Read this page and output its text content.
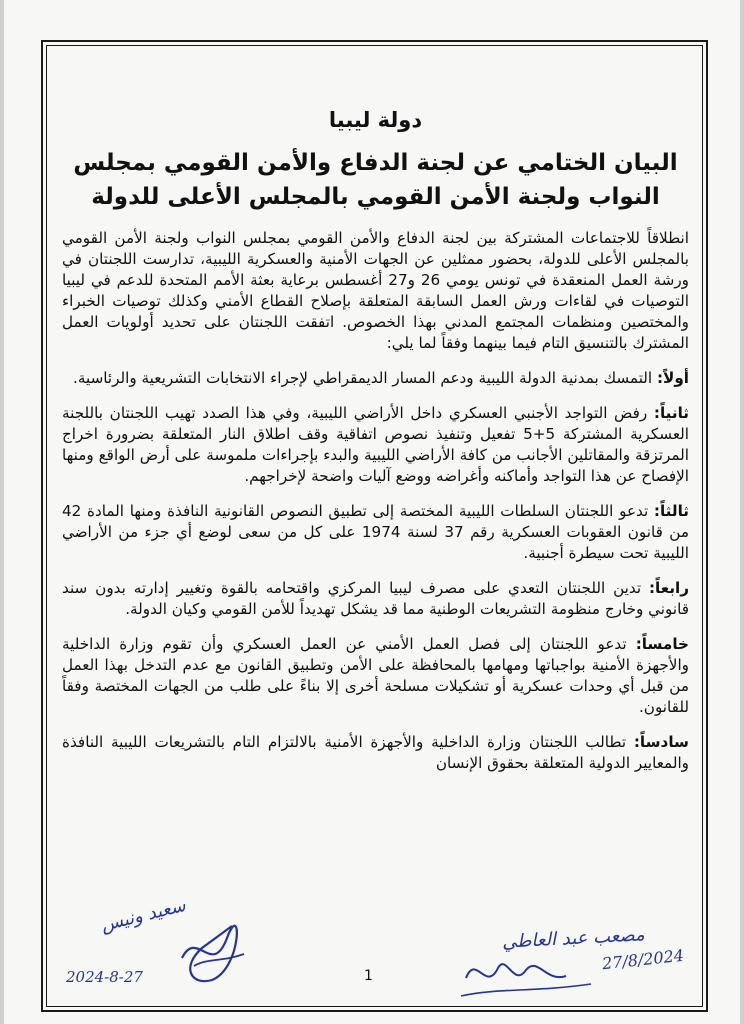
دولة ليبيا
البيان الختامي عن لجنة الدفاع والأمن القومي بمجلس
النواب ولجنة الأمن القومي بالمجلس الأعلى للدولة

انطلاقاً للاجتماعات المشتركة بين لجنة الدفاع والأمن القومي بمجلس النواب ولجنة الأمن القومي بالمجلس الأعلى للدولة، بحضور ممثلين عن الجهات الأمنية والعسكرية الليبية، تدارست اللجنتان في ورشة العمل المنعقدة في تونس يومي 26 و27 أغسطس برعاية بعثة الأمم المتحدة للدعم في ليبيا التوصيات في لقاءات ورش العمل السابقة المتعلقة بإصلاح القطاع الأمني وكذلك توصيات الخبراء والمختصين ومنظمات المجتمع المدني بهذا الخصوص. اتفقت اللجنتان على تحديد أولويات العمل المشترك بالتنسيق التام فيما بينهما وفقاً لما يلي:

أولاً: التمسك بمدنية الدولة الليبية ودعم المسار الديمقراطي لإجراء الانتخابات التشريعية والرئاسية.

ثانياً: رفض التواجد الأجنبي العسكري داخل الأراضي الليبية، وفي هذا الصدد تهيب اللجنتان باللجنة العسكرية المشتركة 5+5 تفعيل وتنفيذ نصوص اتفاقية وقف اطلاق النار المتعلقة بضرورة اخراج المرتزقة والمقاتلين الأجانب من كافة الأراضي الليبية والبدء بإجراءات ملموسة على أرض الواقع ومنها الإفصاح عن هذا التواجد وأماكنه وأغراضه ووضع آليات واضحة لإخراجهم.

ثالثاً: تدعو اللجنتان السلطات الليبية المختصة إلى تطبيق النصوص القانونية النافذة ومنها المادة 42 من قانون العقوبات العسكرية رقم 37 لسنة 1974 على كل من سعى لوضع أي جزء من الأراضي الليبية تحت سيطرة أجنبية.

رابعاً: تدين اللجنتان التعدي على مصرف ليبيا المركزي واقتحامه بالقوة وتغيير إدارته بدون سند قانوني وخارج منظومة التشريعات الوطنية مما قد يشكل تهديداً للأمن القومي وكيان الدولة.

خامساً: تدعو اللجنتان إلى فصل العمل الأمني عن العمل العسكري وأن تقوم وزارة الداخلية والأجهزة الأمنية بواجباتها ومهامها بالمحافظة على الأمن وتطبيق القانون مع عدم التدخل بهذا العمل من قبل أي وحدات عسكرية أو تشكيلات مسلحة أخرى إلا بناءً على طلب من الجهات المختصة وفقاً للقانون.

سادساً: تطالب اللجنتان وزارة الداخلية والأجهزة الأمنية بالالتزام التام بالتشريعات الليبية النافذة والمعايير الدولية المتعلقة بحقوق الإنسان

سعيد ونيس
2024-8-27
مصعب عبد العاطي
27/8/2024
1
